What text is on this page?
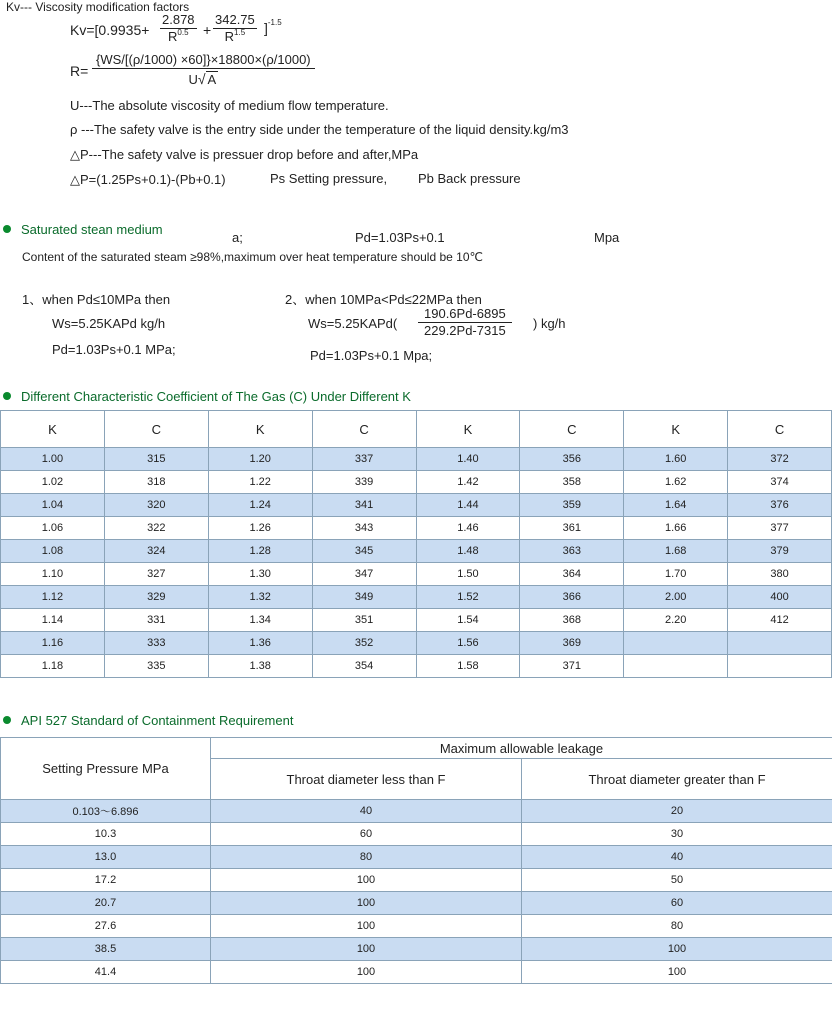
Kv--- Viscosity modification factors
$Kv=[0.9935+ \frac{2.878}{R^{0.5}} + \frac{342.75}{R^{1.5}} ]^{-1.5}$
$R= \frac{\{WS/[(\rho/1000) \times 60]\}\times 18800\times(\rho/1000)}{U√ A}$
U---The absolute viscosity of medium flow temperature.
ρ ---The safety valve is the entry side under the temperature of the liquid density.kg/m3
△P---The safety valve is pressuer drop before and after,MPa
△P=(1.25Ps+0.1)-(Pb+0.1)	Ps Setting pressure, Pb Back pressure
Saturated stean medium
a;	Pd=1.03Ps+0.1	Mpa
Content of the saturated steam ≥98%,maximum over heat temperature should be 10℃
1、when Pd≤10MPa then
Ws=5.25KAPd kg/h
Pd=1.03Ps+0.1 MPa;
2、when 10MPa<Pd≤22MPa then
Ws=5.25KAPd( $\frac{190.6Pd-6895}{229.2Pd-7315}$ ) kg/h
Pd=1.03Ps+0.1 Mpa;
Different Characteristic Coefficient of The Gas (C) Under Different K
K	C	K	C	K	C	K	C
1.00	315	1.20	337	1.40	356	1.60	372
1.02	318	1.22	339	1.42	358	1.62	374
1.04	320	1.24	341	1.44	359	1.64	376
1.06	322	1.26	343	1.46	361	1.66	377
1.08	324	1.28	345	1.48	363	1.68	379
1.10	327	1.30	347	1.50	364	1.70	380
1.12	329	1.32	349	1.52	366	2.00	400
1.14	331	1.34	351	1.54	368	2.20	412
1.16	333	1.36	352	1.56	369		
1.18	335	1.38	354	1.58	371		
API 527 Standard of Containment Requirement
Setting Pressure MPa	Maximum allowable leakage	
	Throat diameter less than F	Throat diameter greater than F
0.103～6.896	40	20
10.3	60	30
13.0	80	40
17.2	100	50
20.7	100	60
27.6	100	80
38.5	100	100
41.4	100	100
